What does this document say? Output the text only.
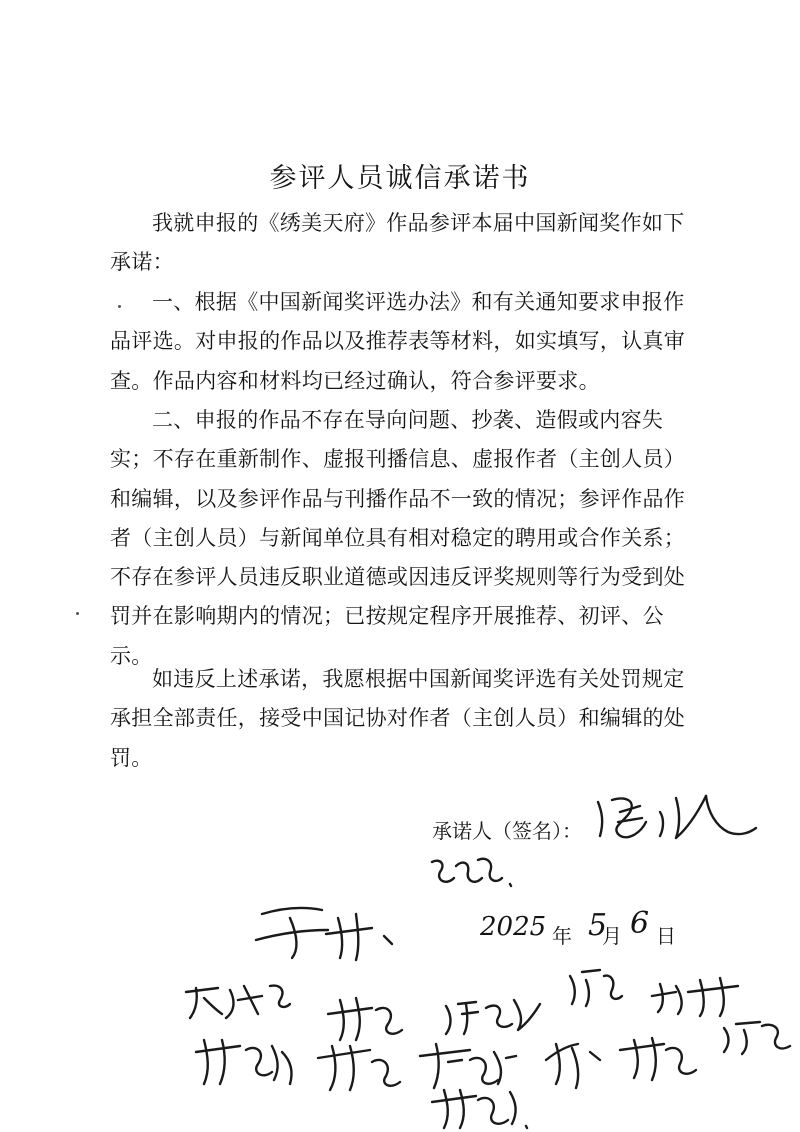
参评人员诚信承诺书

我就申报的《绣美天府》作品参评本届中国新闻奖作如下承诺：

一、根据《中国新闻奖评选办法》和有关通知要求申报作品评选。对申报的作品以及推荐表等材料，如实填写，认真审查。作品内容和材料均已经过确认，符合参评要求。

二、申报的作品不存在导向问题、抄袭、造假或内容失实；不存在重新制作、虚报刊播信息、虚报作者（主创人员）和编辑，以及参评作品与刊播作品不一致的情况；参评作品作者（主创人员）与新闻单位具有相对稳定的聘用或合作关系；不存在参评人员违反职业道德或因违反评奖规则等行为受到处罚并在影响期内的情况；已按规定程序开展推荐、初评、公示。

如违反上述承诺，我愿根据中国新闻奖评选有关处罚规定承担全部责任，接受中国记协对作者（主创人员）和编辑的处罚。

承诺人（签名）：
2025 年 5
月 6 日
